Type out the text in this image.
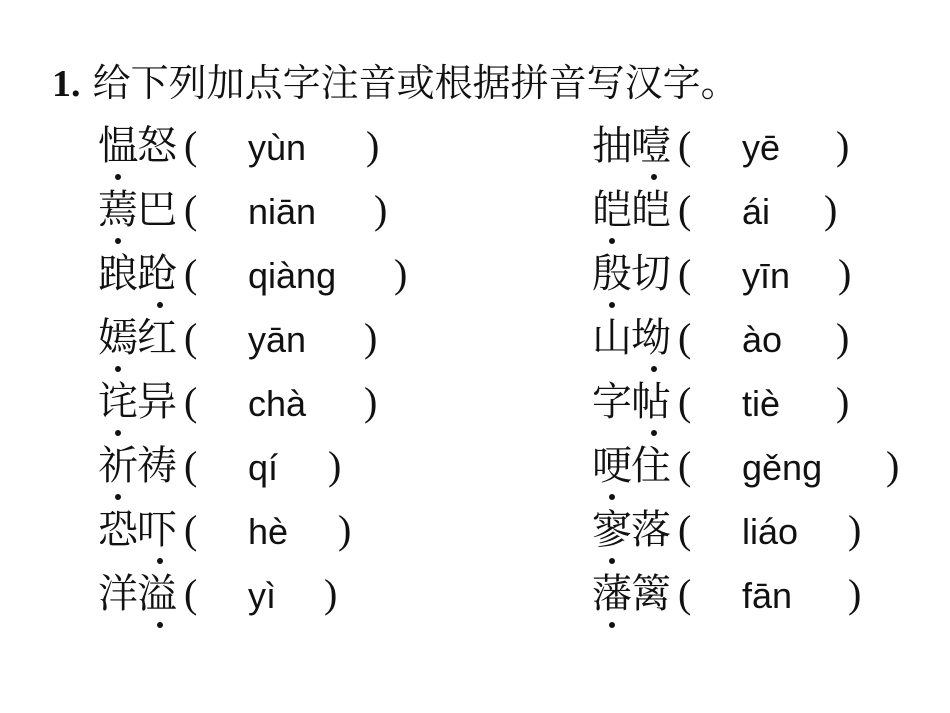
1. 给下列加点字注音或根据拼音写汉字。
愠怒 ( yùn )
蔫巴 ( niān )
踉跄 ( qiàng )
嫣红 ( yān )
诧异 ( chà )
祈祷 ( qí )
恐吓 ( hè )
洋溢 ( yì )
抽噎 ( yē )
皑皑 ( ái )
殷切 ( yīn )
山坳 ( ào )
字帖 ( tiè )
哽住 ( gěng )
寥落 ( liáo )
藩篱 ( fān )
